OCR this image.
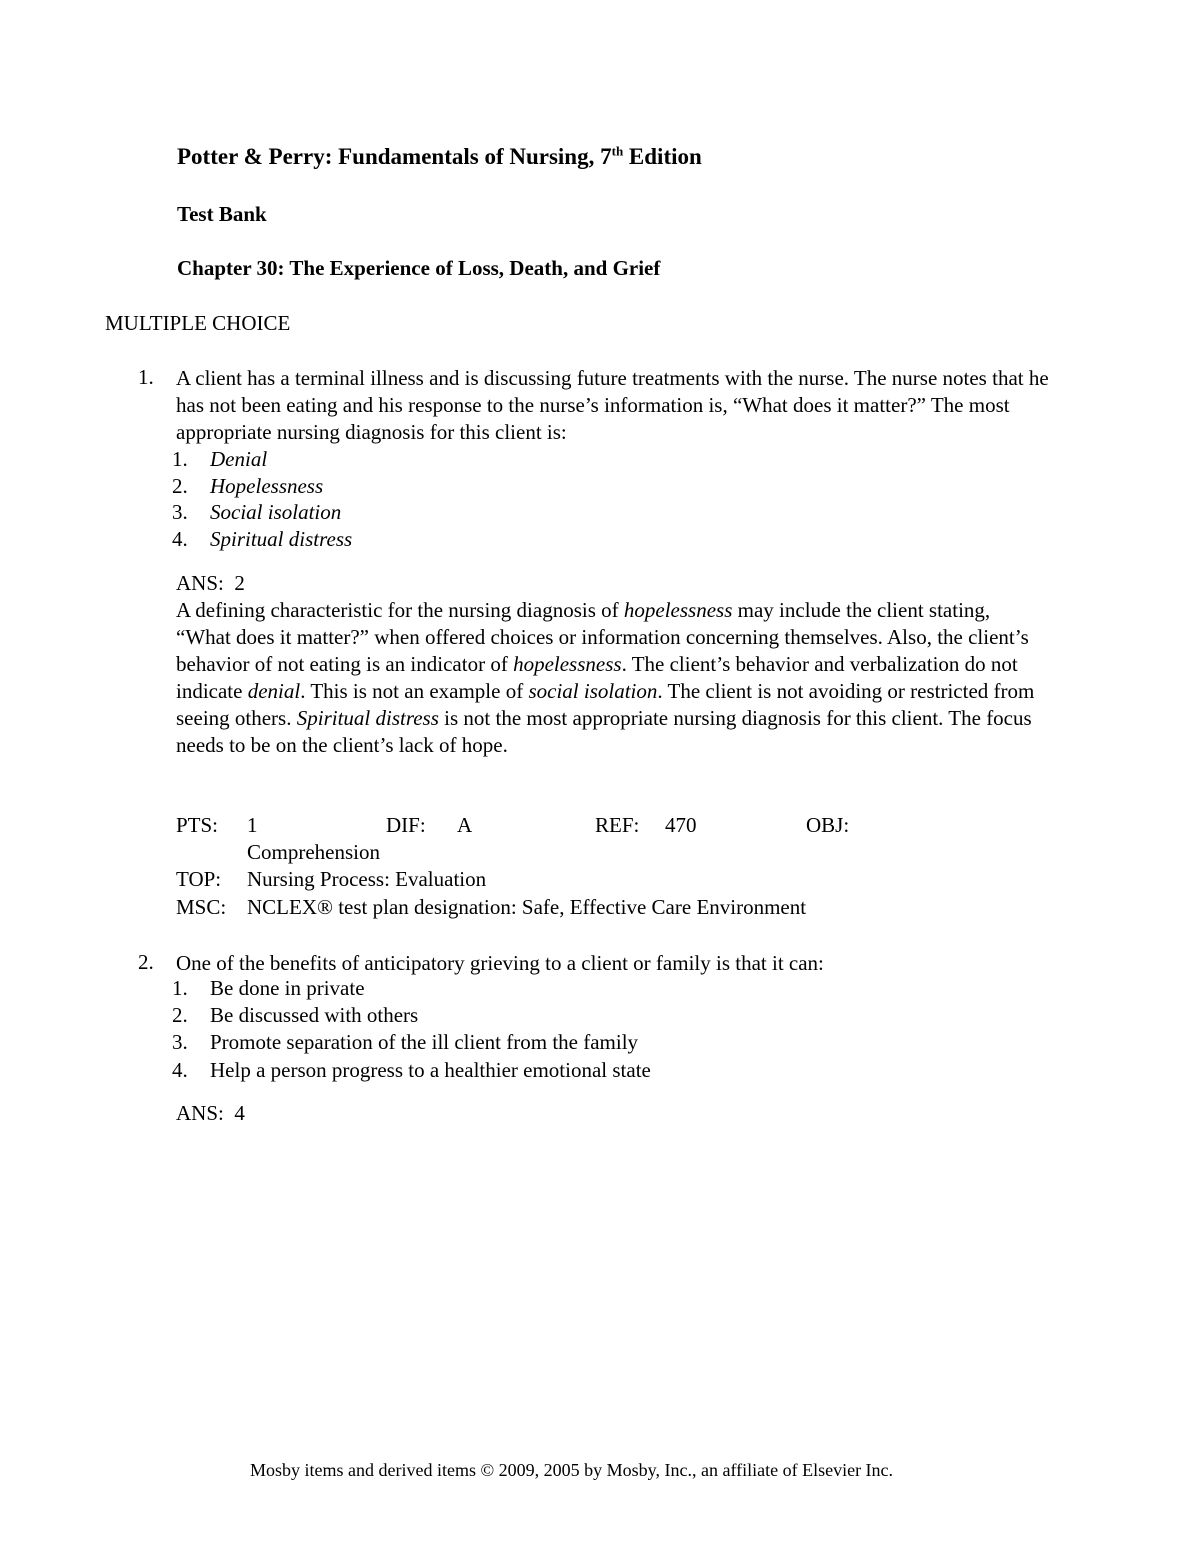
Potter & Perry: Fundamentals of Nursing, 7th Edition
Test Bank
Chapter 30: The Experience of Loss, Death, and Grief
MULTIPLE CHOICE
1. A client has a terminal illness and is discussing future treatments with the nurse. The nurse notes that he has not been eating and his response to the nurse’s information is, “What does it matter?” The most appropriate nursing diagnosis for this client is:
1. Denial
2. Hopelessness
3. Social isolation
4. Spiritual distress
ANS: 2
A defining characteristic for the nursing diagnosis of hopelessness may include the client stating, “What does it matter?” when offered choices or information concerning themselves. Also, the client’s behavior of not eating is an indicator of hopelessness. The client’s behavior and verbalization do not indicate denial. This is not an example of social isolation. The client is not avoiding or restricted from seeing others. Spiritual distress is not the most appropriate nursing diagnosis for this client. The focus needs to be on the client’s lack of hope.
PTS: 1	DIF: A	REF: 470	OBJ:
Comprehension
TOP: Nursing Process: Evaluation
MSC: NCLEX® test plan designation: Safe, Effective Care Environment
2. One of the benefits of anticipatory grieving to a client or family is that it can:
1. Be done in private
2. Be discussed with others
3. Promote separation of the ill client from the family
4. Help a person progress to a healthier emotional state
ANS: 4
Mosby items and derived items © 2009, 2005 by Mosby, Inc., an affiliate of Elsevier Inc.
